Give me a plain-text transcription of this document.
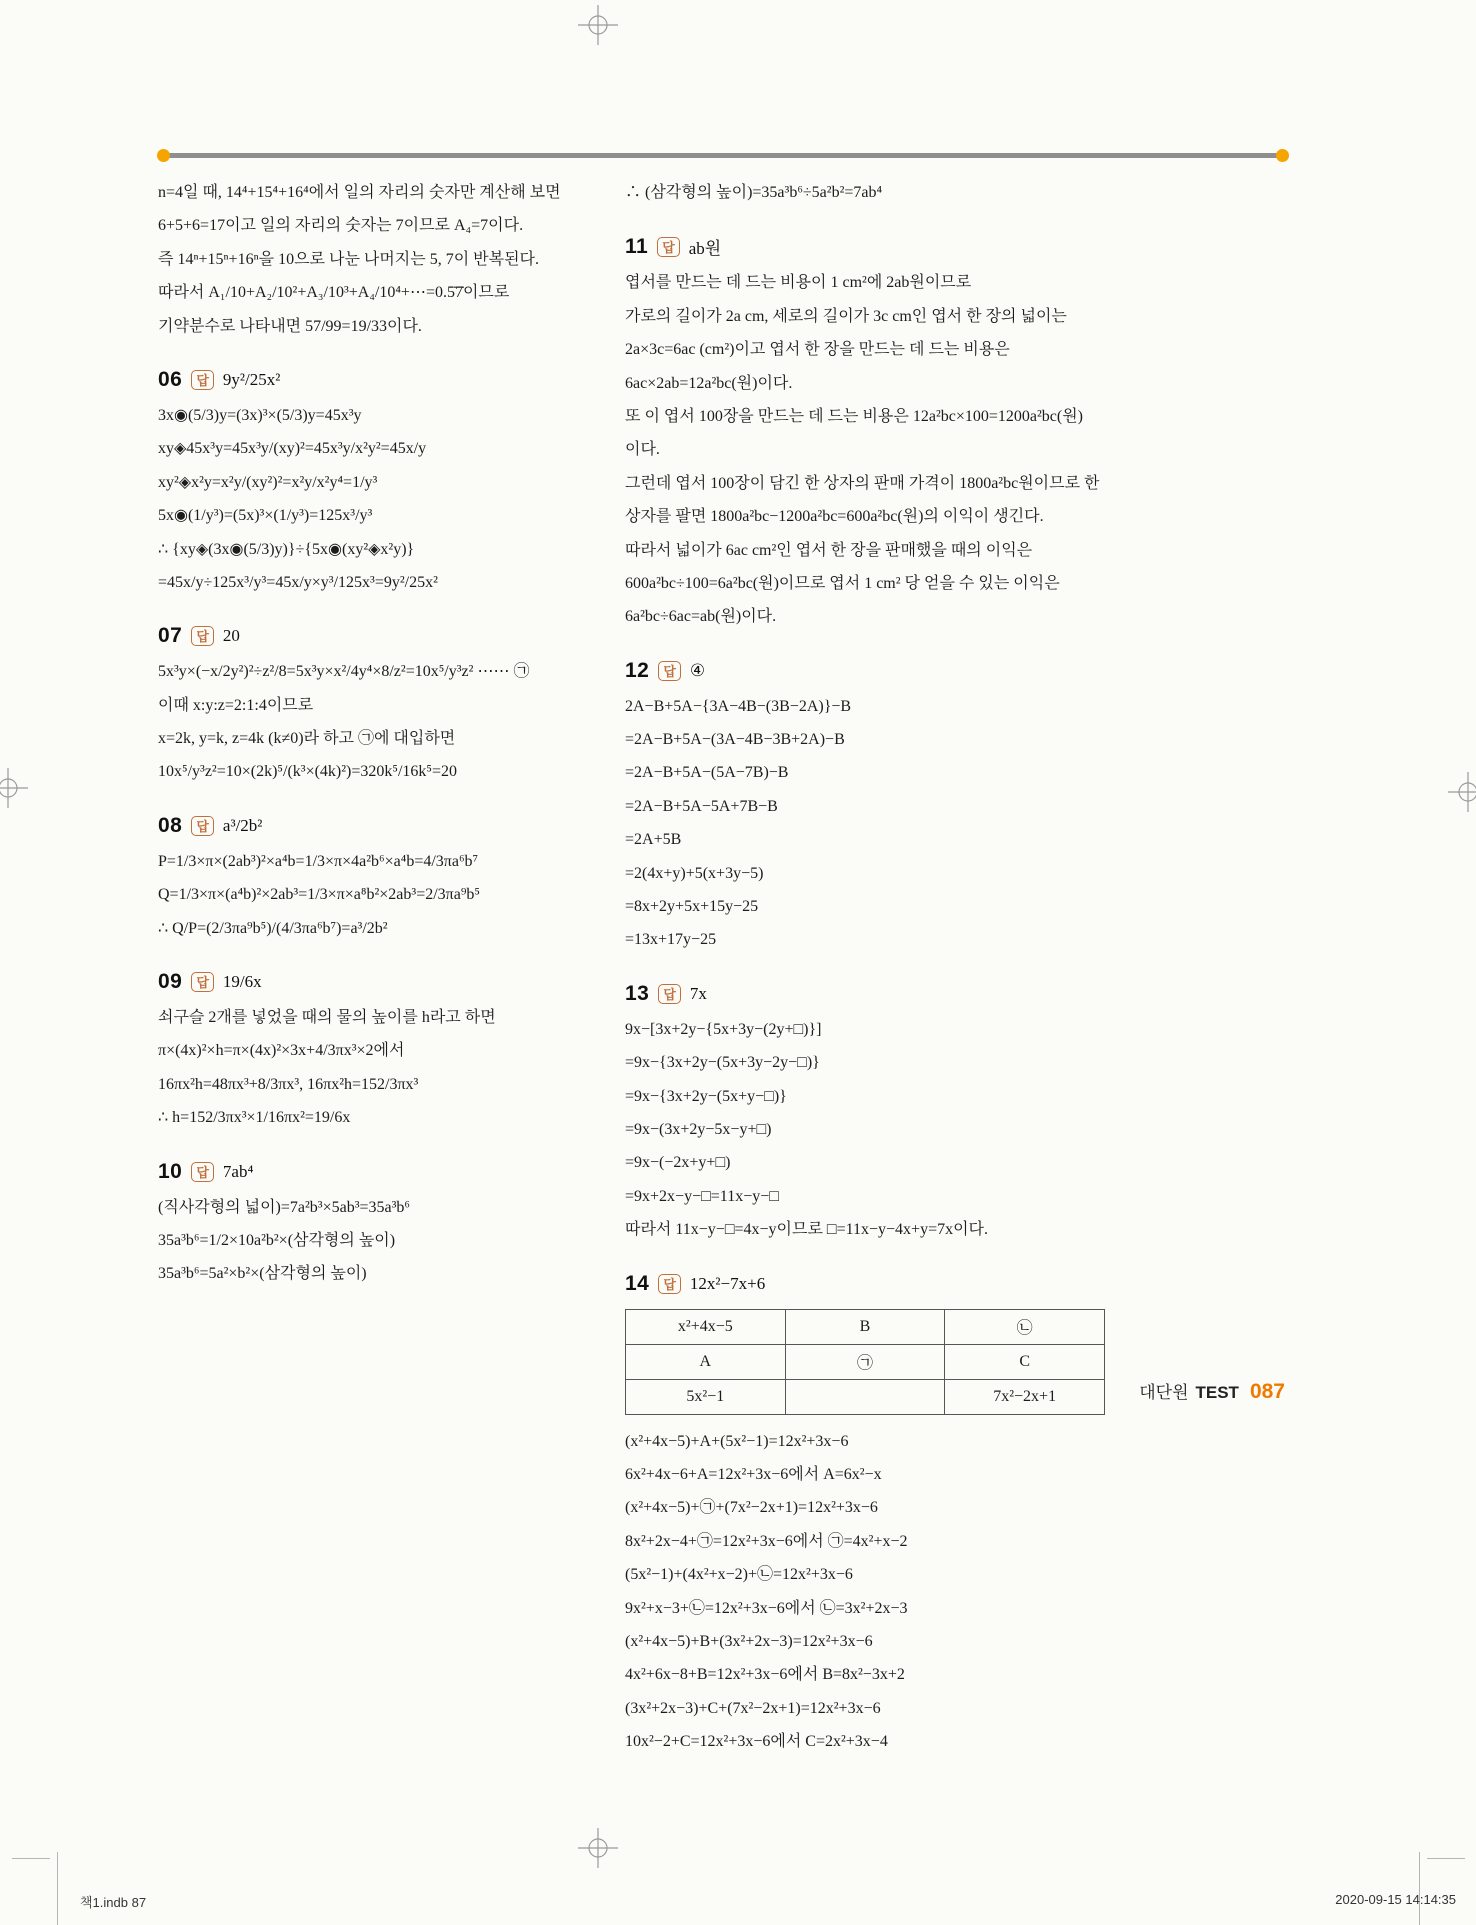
n=4일 때, 14⁴+15⁴+16⁴에서 일의 자리의 숫자만 계산해 보면

6+5+6=17이고 일의 자리의 숫자는 7이므로 A₄=7이다.

즉 14ⁿ+15ⁿ+16ⁿ을 10으로 나눈 나머지는 5, 7이 반복된다.

따라서 A₁/10+A₂/10²+A₃/10³+A₄/10⁴+⋯=0.5̇7̇이므로

기약분수로 나타내면 57/99=19/33이다.

06	답 9y²/25x²

3x◉(5/3)y=(3x)³×(5/3)y=45x³y

xy◈45x³y=45x³y/(xy)²=45x³y/x²y²=45x/y

xy²◈x²y=x²y/(xy²)²=x²y/x²y⁴=1/y³

5x◉(1/y³)=(5x)³×(1/y³)=125x³/y³

∴ {xy◈(3x◉(5/3)y)}÷{5x◉(xy²◈x²y)}

=45x/y÷125x³/y³=45x/y×y³/125x³=9y²/25x²

07	답 20

5x³y×(−x/2y²)²÷z²/8=5x³y×x²/4y⁴×8/z²=10x⁵/y³z² ⋯⋯ ㉠

이때 x:y:z=2:1:4이므로

x=2k, y=k, z=4k (k≠0)라 하고 ㉠에 대입하면

10x⁵/y³z²=10×(2k)⁵/(k³×(4k)²)=320k⁵/16k⁵=20

08	답 a³/2b²

P=1/3×π×(2ab³)²×a⁴b=1/3×π×4a²b⁶×a⁴b=4/3πa⁶b⁷

Q=1/3×π×(a⁴b)²×2ab³=1/3×π×a⁸b²×2ab³=2/3πa⁹b⁵

∴ Q/P=(2/3πa⁹b⁵)/(4/3πa⁶b⁷)=a³/2b²

09	답 19/6x

쇠구슬 2개를 넣었을 때의 물의 높이를 h라고 하면

π×(4x)²×h=π×(4x)²×3x+4/3πx³×2에서

16πx²h=48πx³+8/3πx³, 16πx²h=152/3πx³

∴ h=152/3πx³×1/16πx²=19/6x

10	답 7ab⁴

(직사각형의 넓이)=7a²b³×5ab³=35a³b⁶

35a³b⁶=1/2×10a²b²×(삼각형의 높이)

35a³b⁶=5a²×b²×(삼각형의 높이)

∴ (삼각형의 높이)=35a³b⁶÷5a²b²=7ab⁴

11	답 ab원

엽서를 만드는 데 드는 비용이 1 cm²에 2ab원이므로

가로의 길이가 2a cm, 세로의 길이가 3c cm인 엽서 한 장의 넓이는

2a×3c=6ac (cm²)이고 엽서 한 장을 만드는 데 드는 비용은

6ac×2ab=12a²bc(원)이다.

또 이 엽서 100장을 만드는 데 드는 비용은 12a²bc×100=1200a²bc(원)

이다.

그런데 엽서 100장이 담긴 한 상자의 판매 가격이 1800a²bc원이므로 한

상자를 팔면 1800a²bc−1200a²bc=600a²bc(원)의 이익이 생긴다.

따라서 넓이가 6ac cm²인 엽서 한 장을 판매했을 때의 이익은

600a²bc÷100=6a²bc(원)이므로 엽서 1 cm² 당 얻을 수 있는 이익은

6a²bc÷6ac=ab(원)이다.

12	답 ④

2A−B+5A−{3A−4B−(3B−2A)}−B

=2A−B+5A−(3A−4B−3B+2A)−B

=2A−B+5A−(5A−7B)−B

=2A−B+5A−5A+7B−B

=2A+5B

=2(4x+y)+5(x+3y−5)

=8x+2y+5x+15y−25

=13x+17y−25

13	답 7x

9x−[3x+2y−{5x+3y−(2y+□)}]

=9x−{3x+2y−(5x+3y−2y−□)}

=9x−{3x+2y−(5x+y−□)}

=9x−(3x+2y−5x−y+□)

=9x−(−2x+y+□)

=9x+2x−y−□=11x−y−□

따라서 11x−y−□=4x−y이므로 □=11x−y−4x+y=7x이다.

14	답 12x²−7x+6
x²+4x−5	B	㉡
A	㉠	C
5x²−1		7x²−2x+1

(x²+4x−5)+A+(5x²−1)=12x²+3x−6

6x²+4x−6+A=12x²+3x−6에서 A=6x²−x

(x²+4x−5)+㉠+(7x²−2x+1)=12x²+3x−6

8x²+2x−4+㉠=12x²+3x−6에서 ㉠=4x²+x−2

(5x²−1)+(4x²+x−2)+㉡=12x²+3x−6

9x²+x−3+㉡=12x²+3x−6에서 ㉡=3x²+2x−3

(x²+4x−5)+B+(3x²+2x−3)=12x²+3x−6

4x²+6x−8+B=12x²+3x−6에서 B=8x²−3x+2

(3x²+2x−3)+C+(7x²−2x+1)=12x²+3x−6

10x²−2+C=12x²+3x−6에서 C=2x²+3x−4

대단원 TEST 087
책1.indb 87	2020-09-15 14:14:35
